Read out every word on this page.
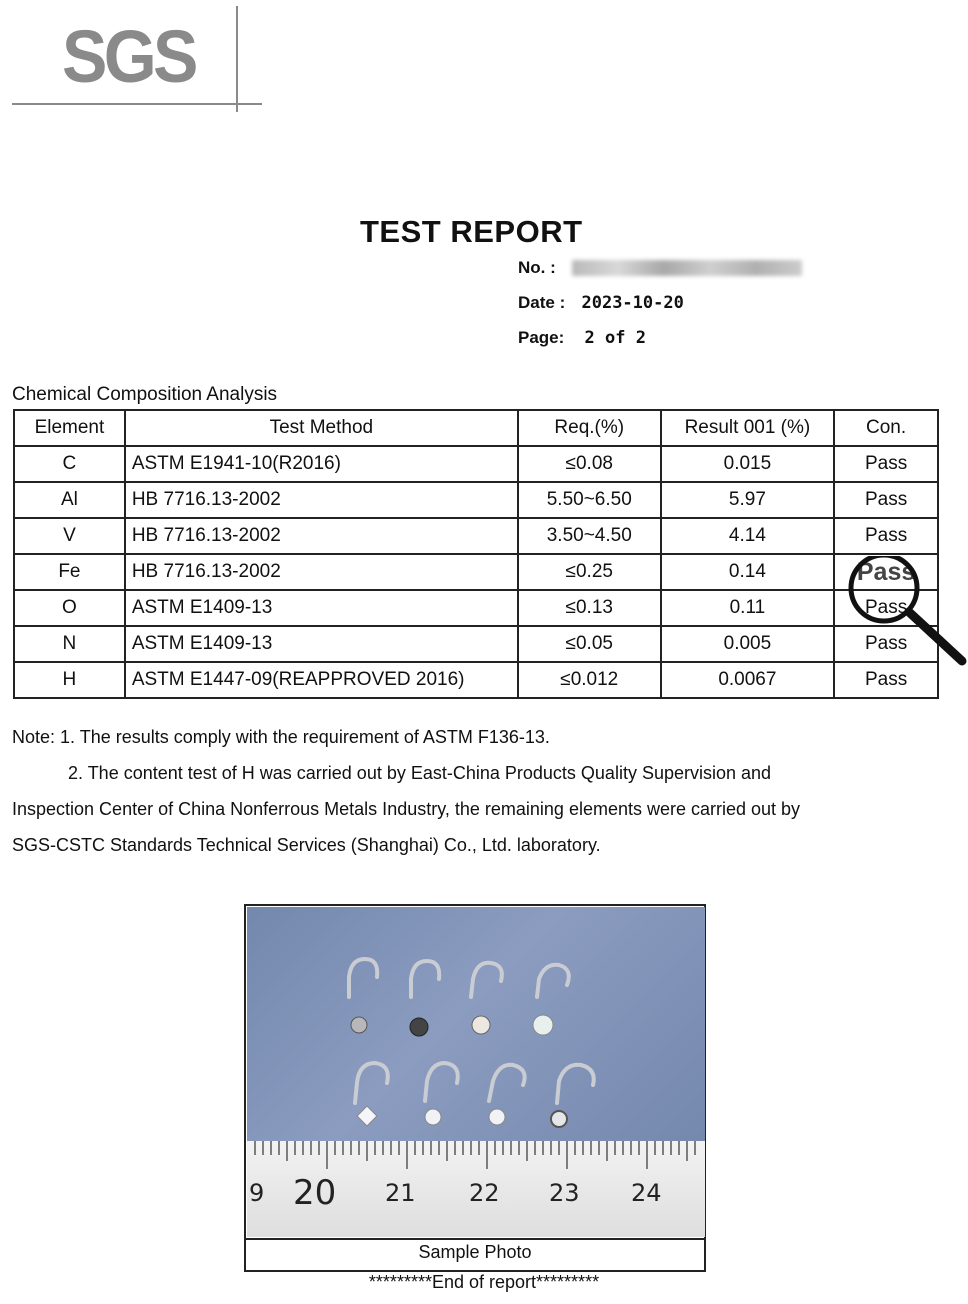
SGS
TEST REPORT
No. :
Date : 2023-10-20
Page: 2 of 2
Chemical Composition Analysis
Element	Test Method	Req.(%)	Result 001 (%)	Con.
C	ASTM E1941-10(R2016)	≤0.08	0.015	Pass
Al	HB 7716.13-2002	5.50~6.50	5.97	Pass
V	HB 7716.13-2002	3.50~4.50	4.14	Pass
Fe	HB 7716.13-2002	≤0.25	0.14	Pass
O	ASTM E1409-13	≤0.13	0.11	Pass
N	ASTM E1409-13	≤0.05	0.005	Pass
H	ASTM E1447-09(REAPPROVED 2016)	≤0.012	0.0067	Pass
Note: 1. The results comply with the requirement of ASTM F136-13.
2. The content test of H was carried out by East-China Products Quality Supervision and
Inspection Center of China Nonferrous Metals Industry, the remaining elements were carried out by
SGS-CSTC Standards Technical Services (Shanghai) Co., Ltd. laboratory.
9 20 21 22 23 24
Sample Photo
*********End of report*********
